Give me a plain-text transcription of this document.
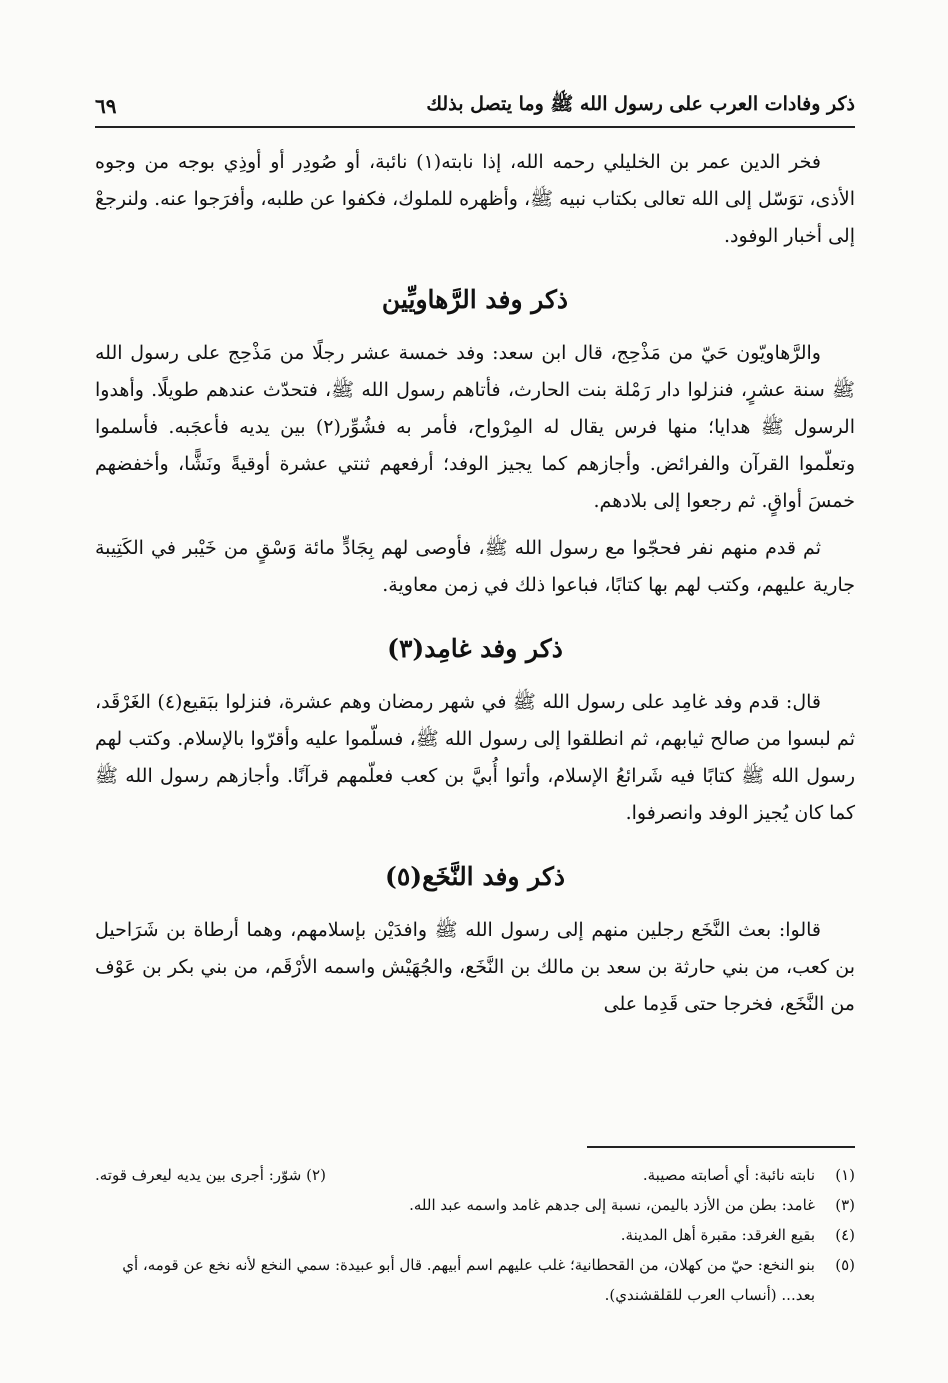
ذكر وفادات العرب على رسول الله ﷺ وما يتصل بذلك
٦٩

فخر الدين عمر بن الخليلي رحمه الله، إذا نابته(١) نائبة، أو صُودِر أو أوذِي بوجه من وجوه الأذى، توَسّل إلى الله تعالى بكتاب نبيه ﷺ، وأظهره للملوك، فكفوا عن طلبه، وأفرَجوا عنه. ولنرجعْ إلى أخبار الوفود.

ذكر وفد الرَّهاويِّين

والرَّهاويّون حَيّ من مَذْحِج، قال ابن سعد: وفد خمسة عشر رجلًا من مَذْحِج على رسول الله ﷺ سنة عشرٍ، فنزلوا دار رَمْلة بنت الحارث، فأتاهم رسول الله ﷺ، فتحدّث عندهم طويلًا. وأهدوا الرسول ﷺ هدايا؛ منها فرس يقال له المِرْواح، فأمر به فشُوِّر(٢) بين يديه فأعجَبه. فأسلموا وتعلّموا القرآن والفرائض. وأجازهم كما يجيز الوفد؛ أرفعهم ثنتي عشرة أوقيةً ونَشًّا، وأخفضهم خمسَ أواقٍ. ثم رجعوا إلى بلادهم.

ثم قدم منهم نفر فحجّوا مع رسول الله ﷺ، فأوصى لهم بِجَادٍّ مائة وَسْقٍ من خَيْبر في الكَتِيبة جارية عليهم، وكتب لهم بها كتابًا، فباعوا ذلك في زمن معاوية.

ذكر وفد غامِد(٣)

قال: قدم وفد غامِد على رسول الله ﷺ في شهر رمضان وهم عشرة، فنزلوا ببَقيع(٤) الغَرْقَد، ثم لبسوا من صالح ثيابهم، ثم انطلقوا إلى رسول الله ﷺ، فسلّموا عليه وأقرّوا بالإسلام. وكتب لهم رسول الله ﷺ كتابًا فيه شَرائعُ الإسلام، وأتوا أُبيَّ بن كعب فعلّمهم قرآنًا. وأجازهم رسول الله ﷺ كما كان يُجيز الوفد وانصرفوا.

ذكر وفد النَّخَع(٥)

قالوا: بعث النَّخَع رجلين منهم إلى رسول الله ﷺ وافدَيْن بإسلامهم، وهما أرطاة بن شَرَاحيل بن كعب، من بني حارثة بن سعد بن مالك بن النَّخَع، والجُهَيْش واسمه الأرْقَم، من بني بكر بن عَوْف من النَّخَع، فخرجا حتى قَدِما على

(١)
نابته نائبة: أي أصابته مصيبة.
(٢) شوّر: أجرى بين يديه ليعرف قوته.
(٣)
غامد: بطن من الأزد باليمن، نسبة إلى جدهم غامد واسمه عبد الله.
(٤)
بقيع الغرقد: مقبرة أهل المدينة.
(٥)
بنو النخع: حيّ من كهلان، من القحطانية؛ غلب عليهم اسم أبيهم. قال أبو عبيدة: سمي النخع لأنه نخع عن قومه، أي بعد... (أنساب العرب للقلقشندي).
